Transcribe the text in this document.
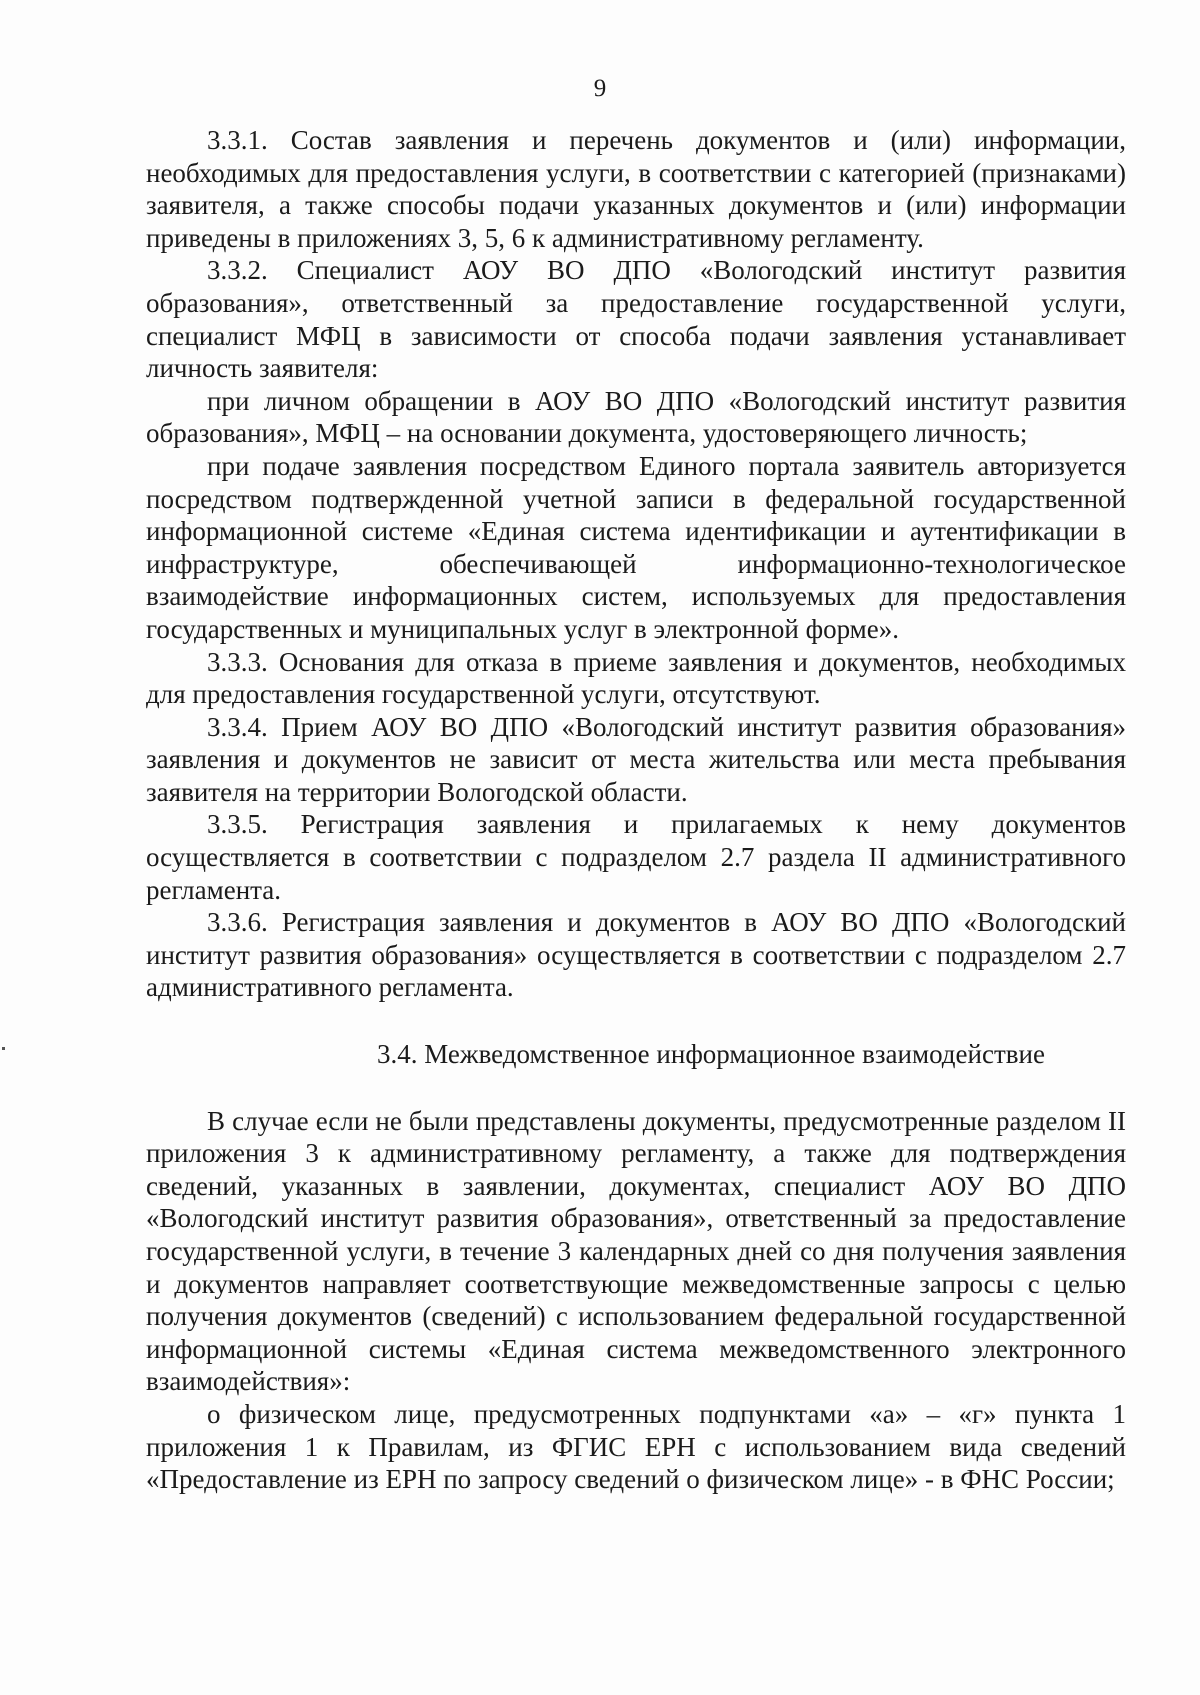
9

3.3.1. Состав заявления и перечень документов и (или) информации, необходимых для предоставления услуги, в соответствии с категорией (признаками) заявителя, а также способы подачи указанных документов и (или) информации приведены в приложениях 3, 5, 6 к административному регламенту.

3.3.2. Специалист АОУ ВО ДПО «Вологодский институт развития образования», ответственный за предоставление государственной услуги, специалист МФЦ в зависимости от способа подачи заявления устанавливает личность заявителя:

при личном обращении в АОУ ВО ДПО «Вологодский институт развития образования», МФЦ – на основании документа, удостоверяющего личность;

при подаче заявления посредством Единого портала заявитель авторизуется посредством подтвержденной учетной записи в федеральной государственной информационной системе «Единая система идентификации и аутентификации в инфраструктуре, обеспечивающей информационно-технологическое взаимодействие информационных систем, используемых для предоставления государственных и муниципальных услуг в электронной форме».

3.3.3. Основания для отказа в приеме заявления и документов, необходимых для предоставления государственной услуги, отсутствуют.

3.3.4. Прием АОУ ВО ДПО «Вологодский институт развития образования» заявления и документов не зависит от места жительства или места пребывания заявителя на территории Вологодской области.

3.3.5. Регистрация заявления и прилагаемых к нему документов осуществляется в соответствии с подразделом 2.7 раздела II административного регламента.

3.3.6. Регистрация заявления и документов в АОУ ВО ДПО «Вологодский институт развития образования» осуществляется в соответствии с подразделом 2.7 административного регламента.

3.4. Межведомственное информационное взаимодействие

В случае если не были представлены документы, предусмотренные разделом II приложения 3 к административному регламенту, а также для подтверждения сведений, указанных в заявлении, документах, специалист АОУ ВО ДПО «Вологодский институт развития образования», ответственный за предоставление государственной услуги, в течение 3 календарных дней со дня получения заявления и документов направляет соответствующие межведомственные запросы с целью получения документов (сведений) с использованием федеральной государственной информационной системы «Единая система межведомственного электронного взаимодействия»:

о физическом лице, предусмотренных подпунктами «а» – «г» пункта 1 приложения 1 к Правилам, из ФГИС ЕРН с использованием вида сведений «Предоставление из ЕРН по запросу сведений о физическом лице» - в ФНС России;
